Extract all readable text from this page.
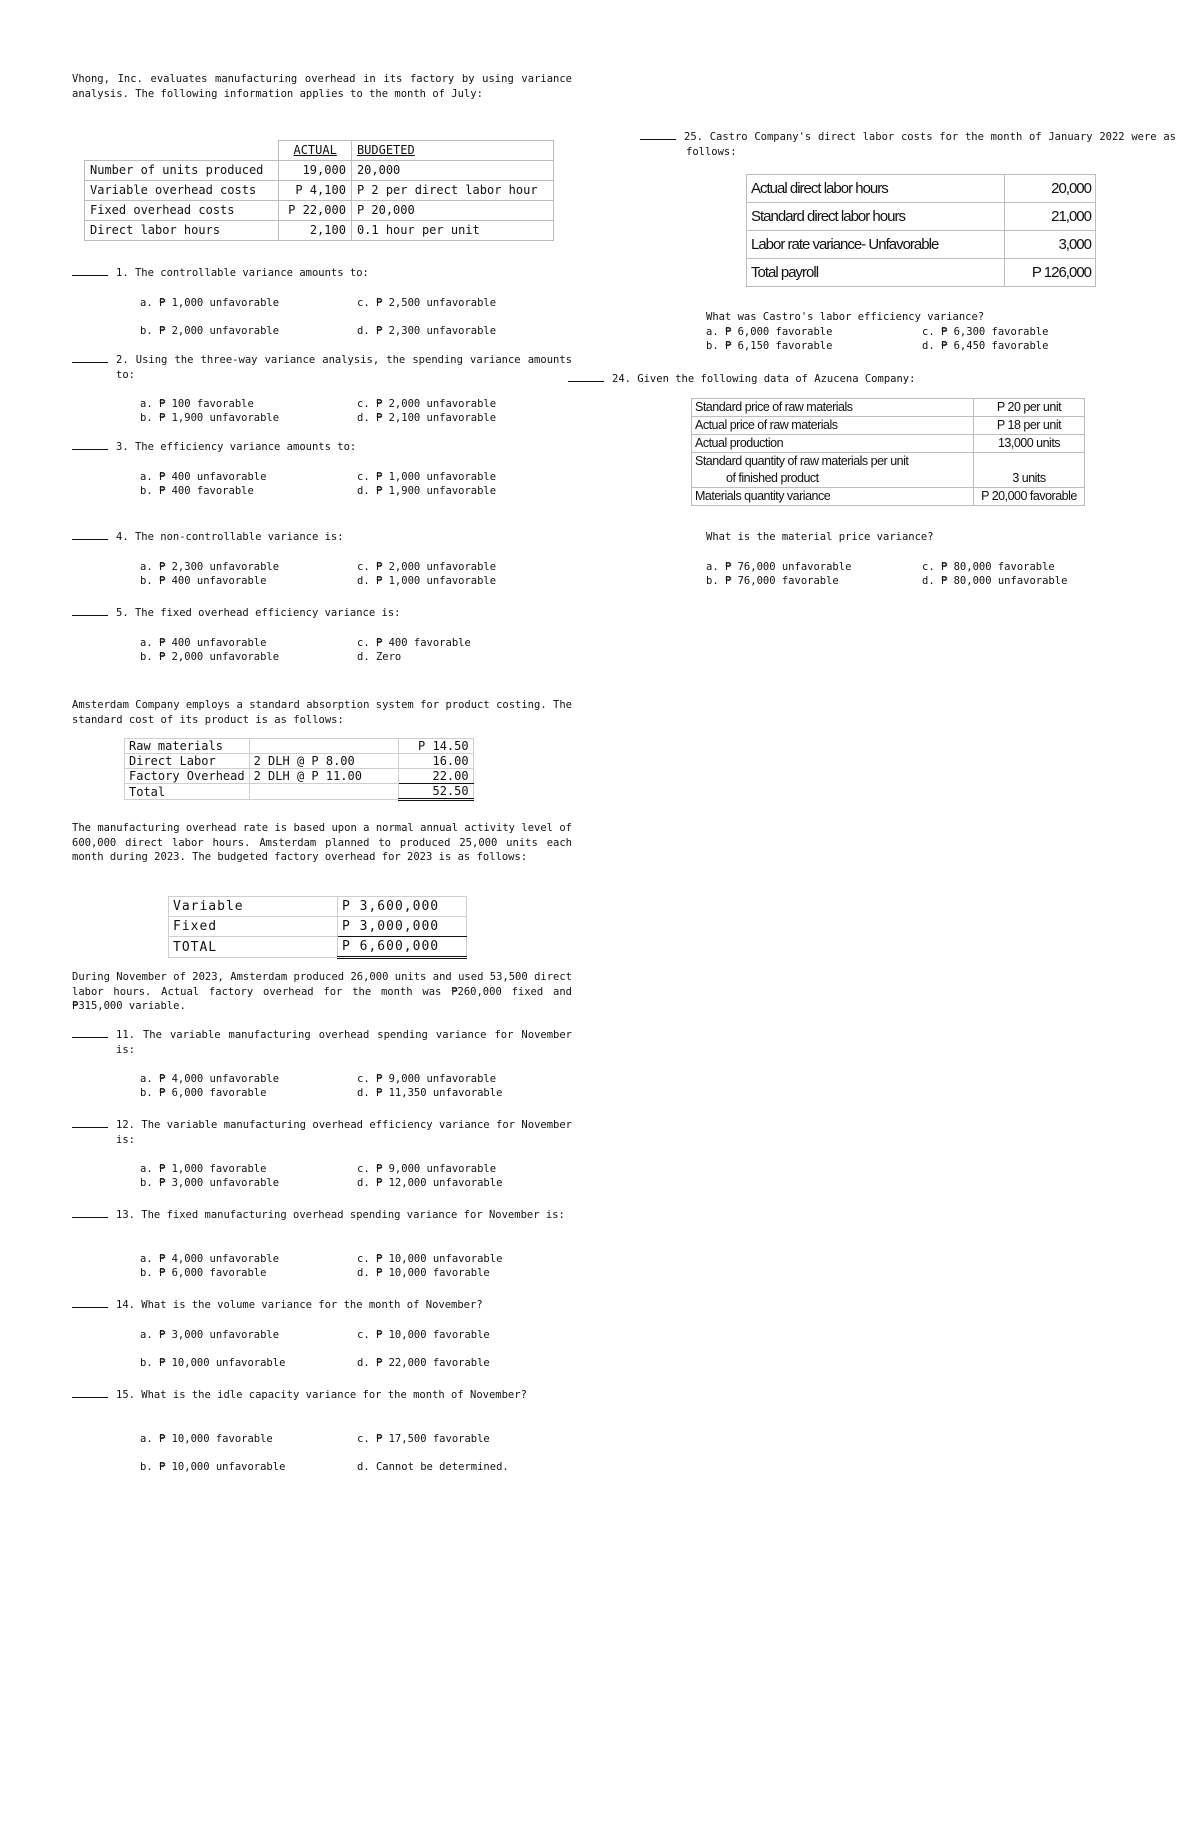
Vhong, Inc. evaluates manufacturing overhead in its factory by using variance analysis. The following information applies to the month of July:

	ACTUAL	BUDGETED
Number of units produced	19,000	20,000
Variable overhead costs	P 4,100	P 2 per direct labor hour
Fixed overhead costs	P 22,000	P 20,000
Direct labor hours	2,100	0.1 hour per unit

1. The controllable variance amounts to:

a. ₱ 1,000 unfavorable	c. ₱ 2,500 unfavorable
b. ₱ 2,000 unfavorable	d. ₱ 2,300 unfavorable

2. Using the three-way variance analysis, the spending variance amounts to:

a. ₱ 100 favorable	c. ₱ 2,000 unfavorable
b. ₱ 1,900 unfavorable	d. ₱ 2,100 unfavorable

3. The efficiency variance amounts to:

a. ₱ 400 unfavorable	c. ₱ 1,000 unfavorable
b. ₱ 400 favorable	d. ₱ 1,900 unfavorable

4. The non-controllable variance is:

a. ₱ 2,300 unfavorable	c. ₱ 2,000 unfavorable
b. ₱ 400 unfavorable	d. ₱ 1,000 unfavorable

5. The fixed overhead efficiency variance is:

a. ₱ 400 unfavorable	c. ₱ 400 favorable
b. ₱ 2,000 unfavorable	d. Zero

Amsterdam Company employs a standard absorption system for product costing. The standard cost of its product is as follows:

Raw materials		P 14.50
Direct Labor	2 DLH @ P 8.00	16.00
Factory Overhead	2 DLH @ P 11.00	22.00
Total		52.50

The manufacturing overhead rate is based upon a normal annual activity level of 600,000 direct labor hours. Amsterdam planned to produced 25,000 units each month during 2023. The budgeted factory overhead for 2023 is as follows:

Variable	P 3,600,000
Fixed	P 3,000,000
TOTAL	P 6,600,000

During November of 2023, Amsterdam produced 26,000 units and used 53,500 direct labor hours. Actual factory overhead for the month was ₱260,000 fixed and ₱315,000 variable.

11. The variable manufacturing overhead spending variance for November is:

a. ₱ 4,000 unfavorable	c. ₱ 9,000 unfavorable
b. ₱ 6,000 favorable	d. ₱ 11,350 unfavorable

12. The variable manufacturing overhead efficiency variance for November is:

a. ₱ 1,000 favorable	c. ₱ 9,000 unfavorable
b. ₱ 3,000 unfavorable	d. ₱ 12,000 unfavorable

13. The fixed manufacturing overhead spending variance for November is:

a. ₱ 4,000 unfavorable	c. ₱ 10,000 unfavorable
b. ₱ 6,000 favorable	d. ₱ 10,000 favorable

14. What is the volume variance for the month of November?

a. ₱ 3,000 unfavorable	c. ₱ 10,000 favorable
b. ₱ 10,000 unfavorable	d. ₱ 22,000 favorable

15. What is the idle capacity variance for the month of November?

a. ₱ 10,000 favorable	c. ₱ 17,500 favorable
b. ₱ 10,000 unfavorable	d. Cannot be determined.

25. Castro Company's direct labor costs for the month of January 2022 were as follows:

Actual direct labor hours	20,000
Standard direct labor hours	21,000
Labor rate variance- Unfavorable	3,000
Total payroll	P 126,000

What was Castro's labor efficiency variance?

a. ₱ 6,000 favorable	c. ₱ 6,300 favorable
b. ₱ 6,150 favorable	d. ₱ 6,450 favorable

24. Given the following data of Azucena Company:

Standard price of raw materials	P 20 per unit
Actual price of raw materials	P 18 per unit
Actual production	13,000 units
Standard quantity of raw materials per unit	
of finished product	3 units
Materials quantity variance	P 20,000 favorable

What is the material price variance?

a. ₱ 76,000 unfavorable	c. ₱ 80,000 favorable
b. ₱ 76,000 favorable	d. ₱ 80,000 unfavorable
